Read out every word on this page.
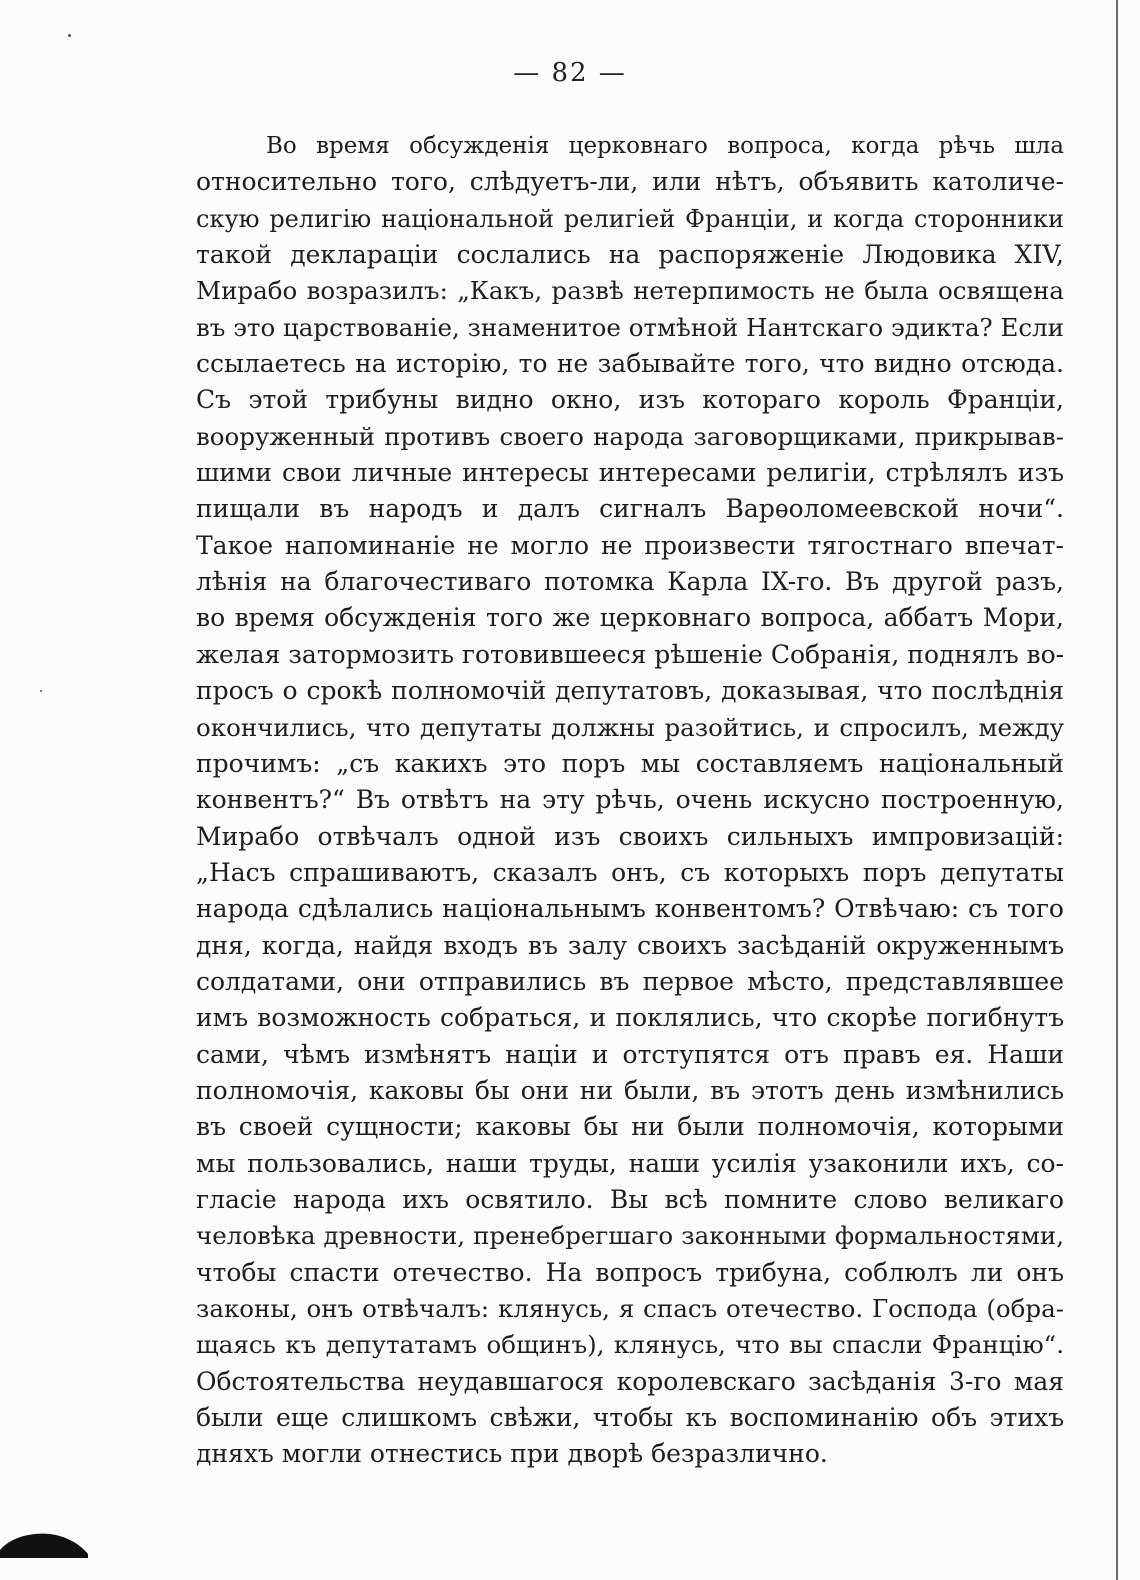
— 82 —
Во время обсужденія церковнаго вопроса, когда рѣчь шла
относительно того, слѣдуетъ-ли, или нѣтъ, объявить католиче-
скую религію національной религіей Франціи, и когда сторонники
такой декларацiи сослались на распоряженіе Людовика XIV,
Мирабо возразилъ: „Какъ, развѣ нетерпимость не была освящена
въ это царствованіе, знаменитое отмѣной Нантскаго эдикта? Если
ссылаетесь на исторію, то не забывайте того, что видно отсюда.
Съ этой трибуны видно окно, изъ котораго король Франціи,
вооруженный противъ своего народа заговорщиками, прикрывав-
шими свои личные интересы интересами религіи, стрѣлялъ изъ
пищали въ народъ и далъ сигналъ Варѳоломеевской ночи“.
Такое напоминаніе не могло не произвести тягостнаго впечат-
лѣнія на благочестиваго потомка Карла IX-го. Въ другой разъ,
во время обсужденія того же церковнаго вопроса, аббатъ Мори,
желая затормозить готовившееся рѣшеніе Собранія, поднялъ во-
просъ о срокѣ полномочій депутатовъ, доказывая, что послѣднія
окончились, что депутаты должны разойтись, и спросилъ, между
прочимъ: „съ какихъ это поръ мы составляемъ національный
конвентъ?“ Въ отвѣтъ на эту рѣчь, очень искусно построенную,
Мирабо отвѣчалъ одной изъ своихъ сильныхъ импровизацій:
„Насъ спрашиваютъ, сказалъ онъ, съ которыхъ поръ депутаты
народа сдѣлались національнымъ конвентомъ? Отвѣчаю: съ того
дня, когда, найдя входъ въ залу своихъ засѣданій окруженнымъ
солдатами, они отправились въ первое мѣсто, представлявшее
имъ возможность собраться, и поклялись, что скорѣе погибнутъ
сами, чѣмъ измѣнятъ націи и отступятся отъ правъ ея. Наши
полномочія, каковы бы они ни были, въ этотъ день измѣнились
въ своей сущности; каковы бы ни были полномочія, которыми
мы пользовались, наши труды, наши усилія узаконили ихъ, со-
гласіе народа ихъ освятило. Вы всѣ помните слово великаго
человѣка древности, пренебрегшаго законными формальностями,
чтобы спасти отечество. На вопросъ трибуна, соблюлъ ли онъ
законы, онъ отвѣчалъ: клянусь, я спасъ отечество. Господа (обра-
щаясь къ депутатамъ общинъ), клянусь, что вы спасли Францію“.
Обстоятельства неудавшагося королевскаго засѣданія 3-го мая
были еще слишкомъ свѣжи, чтобы къ воспоминанію объ этихъ
дняхъ могли отнестись при дворѣ безразлично.
